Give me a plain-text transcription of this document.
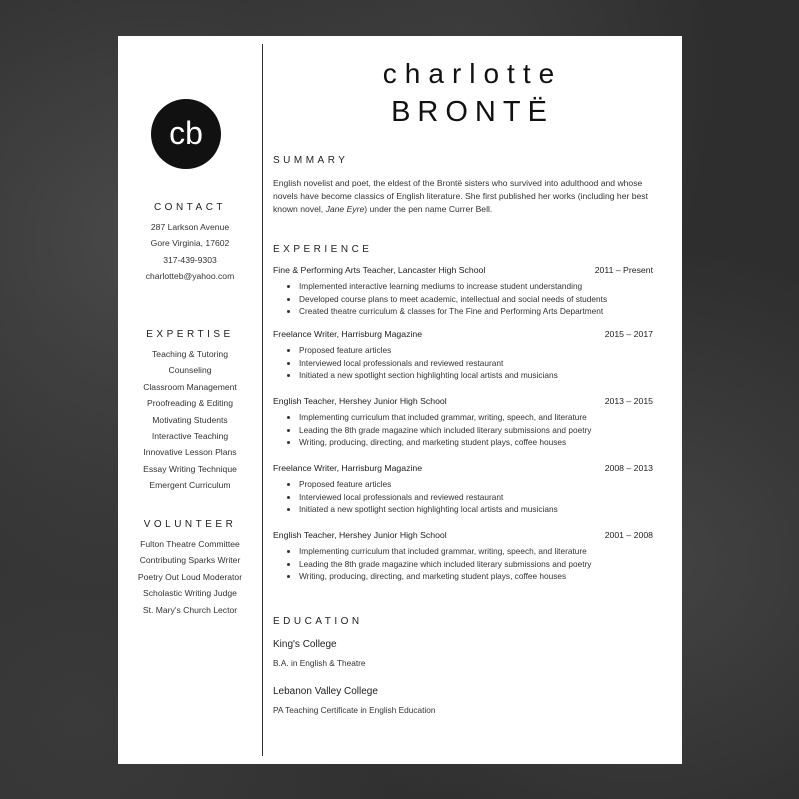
cb
CONTACT
287 Larkson Avenue
Gore Virginia, 17602
317-439-9303
charlotteb@yahoo.com
EXPERTISE
Teaching & Tutoring
Counseling
Classroom Management
Proofreading & Editing
Motivating Students
Interactive Teaching
Innovative Lesson Plans
Essay Writing Technique
Emergent Curriculum
VOLUNTEER
Fulton Theatre Committee
Contributing Sparks Writer
Poetry Out Loud Moderator
Scholastic Writing Judge
St. Mary's Church Lector
charlotte
BRONTË
SUMMARY
English novelist and poet, the eldest of the Brontë sisters who survived into adulthood and whose novels have become classics of English literature. She first published her works (including her best known novel, Jane Eyre) under the pen name Currer Bell.
EXPERIENCE
Fine & Performing Arts Teacher, Lancaster High School	2011 – Present
• Implemented interactive learning mediums to increase student understanding
• Developed course plans to meet academic, intellectual and social needs of students
• Created theatre curriculum & classes for The Fine and Performing Arts Department
Freelance Writer, Harrisburg Magazine	2015 – 2017
• Proposed feature articles
• Interviewed local professionals and reviewed restaurant
• Initiated a new spotlight section highlighting local artists and musicians
English Teacher, Hershey Junior High School	2013 – 2015
• Implementing curriculum that included grammar, writing, speech, and literature
• Leading the 8th grade magazine which included literary submissions and poetry
• Writing, producing, directing, and marketing student plays, coffee houses
Freelance Writer, Harrisburg Magazine	2008 – 2013
• Proposed feature articles
• Interviewed local professionals and reviewed restaurant
• Initiated a new spotlight section highlighting local artists and musicians
English Teacher, Hershey Junior High School	2001 – 2008
• Implementing curriculum that included grammar, writing, speech, and literature
• Leading the 8th grade magazine which included literary submissions and poetry
• Writing, producing, directing, and marketing student plays, coffee houses
EDUCATION
King's College
B.A. in English & Theatre
Lebanon Valley College
PA Teaching Certificate in English Education
